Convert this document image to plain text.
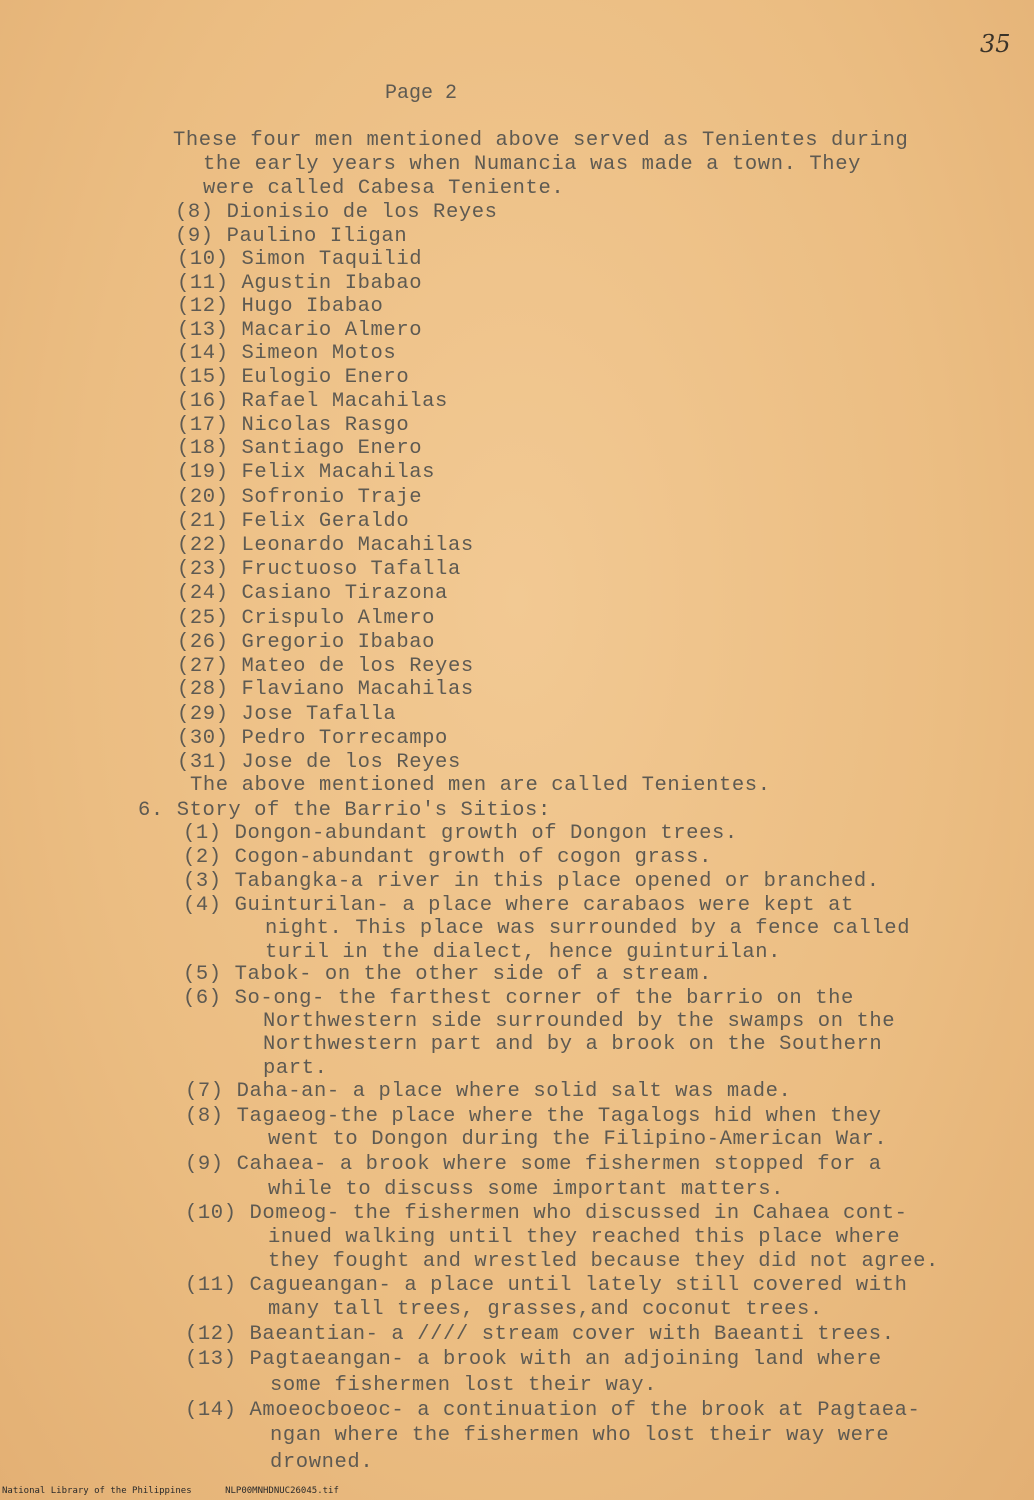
35
Page 2
These four men mentioned above served as Tenientes during
the early years when Numancia was made a town. They
were called Cabesa Teniente.
(8) Dionisio de los Reyes
(9) Paulino Iligan
(10) Simon Taquilid
(11) Agustin Ibabao
(12) Hugo Ibabao
(13) Macario Almero
(14) Simeon Motos
(15) Eulogio Enero
(16) Rafael Macahilas
(17) Nicolas Rasgo
(18) Santiago Enero
(19) Felix Macahilas
(20) Sofronio Traje
(21) Felix Geraldo
(22) Leonardo Macahilas
(23) Fructuoso Tafalla
(24) Casiano Tirazona
(25) Crispulo Almero
(26) Gregorio Ibabao
(27) Mateo de los Reyes
(28) Flaviano Macahilas
(29) Jose Tafalla
(30) Pedro Torrecampo
(31) Jose de los Reyes
The above mentioned men are called Tenientes.
6. Story of the Barrio's Sitios:
(1) Dongon-abundant growth of Dongon trees.
(2) Cogon-abundant growth of cogon grass.
(3) Tabangka-a river in this place opened or branched.
(4) Guinturilan- a place where carabaos were kept at
night. This place was surrounded by a fence called
turil in the dialect, hence guinturilan.
(5) Tabok- on the other side of a stream.
(6) So-ong- the farthest corner of the barrio on the
Northwestern side surrounded by the swamps on the
Northwestern part and by a brook on the Southern
part.
(7) Daha-an- a place where solid salt was made.
(8) Tagaeog-the place where the Tagalogs hid when they
went to Dongon during the Filipino-American War.
(9) Cahaea- a brook where some fishermen stopped for a
while to discuss some important matters.
(10) Domeog- the fishermen who discussed in Cahaea cont-
inued walking until they reached this place where
they fought and wrestled because they did not agree.
(11) Cagueangan- a place until lately still covered with
many tall trees, grasses,and coconut trees.
(12) Baeantian- a //// stream cover with Baeanti trees.
(13) Pagtaeangan- a brook with an adjoining land where
some fishermen lost their way.
(14) Amoeocboeoc- a continuation of the brook at Pagtaea-
ngan where the fishermen who lost their way were
drowned.
National Library of the Philippines	NLP00MNHDNUC26045.tif
